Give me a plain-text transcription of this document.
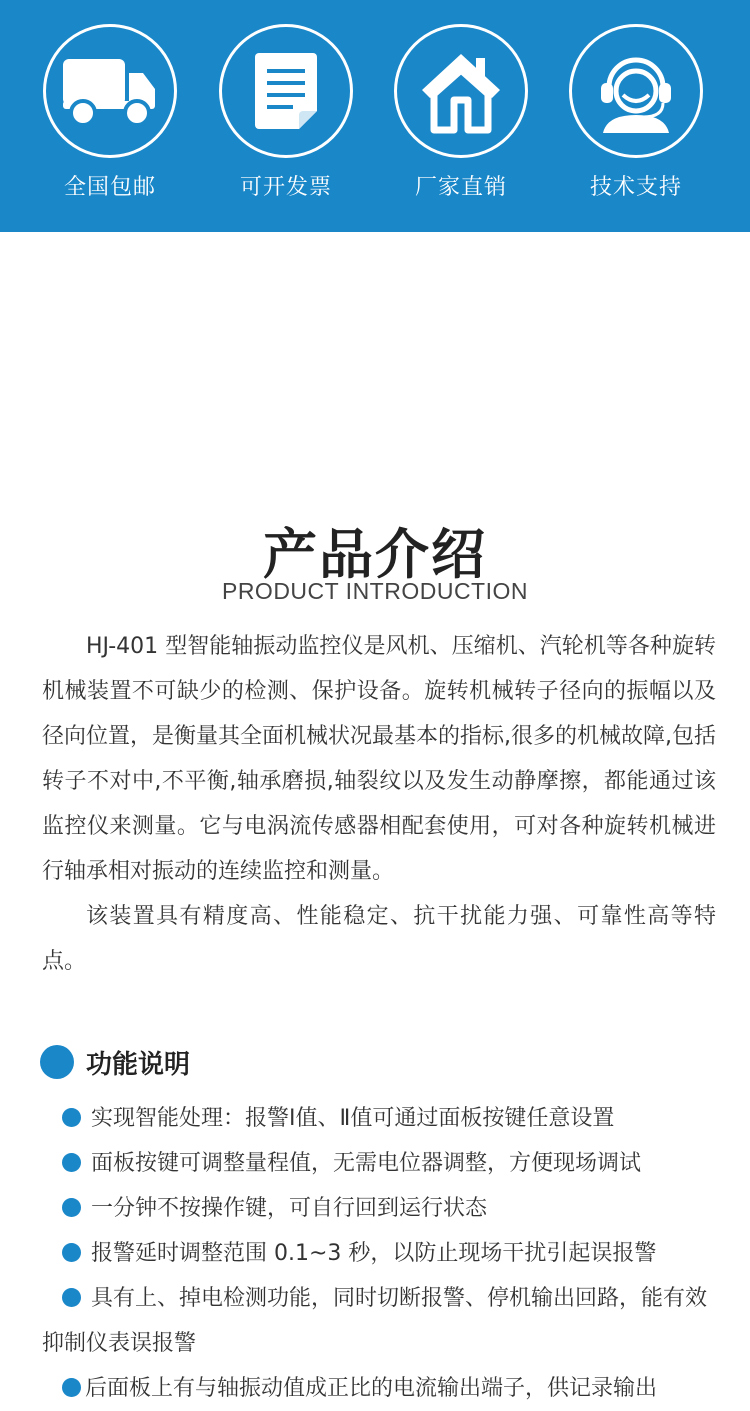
全国包邮	可开发票	厂家直销	技术支持
产品介绍
PRODUCT INTRODUCTION

HJ-401 型智能轴振动监控仪是风机、压缩机、汽轮机等各种旋转机械装置不可缺少的检测、保护设备。旋转机械转子径向的振幅以及径向位置，是衡量其全面机械状况最基本的指标,很多的机械故障,包括转子不对中,不平衡,轴承磨损,轴裂纹以及发生动静摩擦，都能通过该监控仪来测量。它与电涡流传感器相配套使用，可对各种旋转机械进行轴承相对振动的连续监控和测量。

该装置具有精度高、性能稳定、抗干扰能力强、可靠性高等特点。

功能说明

实现智能处理：报警Ⅰ值、Ⅱ值可通过面板按键任意设置

面板按键可调整量程值，无需电位器调整，方便现场调试

一分钟不按操作键，可自行回到运行状态

报警延时调整范围 0.1~3 秒，以防止现场干扰引起误报警

具有上、掉电检测功能，同时切断报警、停机输出回路，能有效抑制仪表误报警

后面板上有与轴振动值成正比的电流输出端子，供记录输出
